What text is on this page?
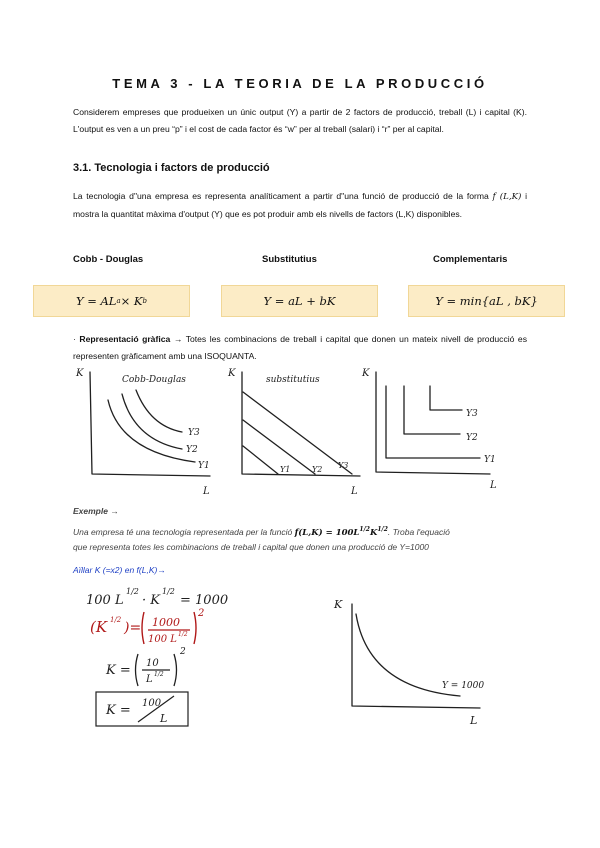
TEMA 3 - LA TEORIA DE LA PRODUCCIÓ
Considerem empreses que produeixen un únic output (Y) a partir de 2 factors de producció, treball (L) i capital (K). L'output es ven a un preu “p” i el cost de cada factor és “w” per al treball (salari) i “r” per al capital.
3.1. Tecnologia i factors de producció
La tecnologia d"una empresa es representa analíticament a partir d"una funció de producció de la forma f (L,K) i mostra la quantitat màxima d'output (Y) que es pot produir amb els nivells de factors (L,K) disponibles.
Cobb - Douglas	Substitutius	Complementaris
Y = AL a × K b	Y = aL + bK	Y = min{aL , bK}
· Representació gràfica → Totes les combinacions de treball i capital que donen un mateix nivell de producció es representen gràficament amb una ISOQUANTA.
K
Cobb-Douglas
Y3
Y2
Y1
L
K
substitutius
Y1	Y2 Y3
L
K
Y3
Y2
Y1
L
Exemple →
Una empresa té una tecnologia representada per la funció $f(L,K) = 100L^{1/2}K^{1/2}$. Troba l'equació
que representa totes les combinacions de treball i capital que donen una producció de Y=1000
Aïllar K (=x2) en f(L,K)→
100 L
1/2
· K
1/2
= 1000
(K 1/2 )= 1000
100 L 1/2
2
K = 10
L 1/2
2
K = 100
L
K
Y = 1000
L
